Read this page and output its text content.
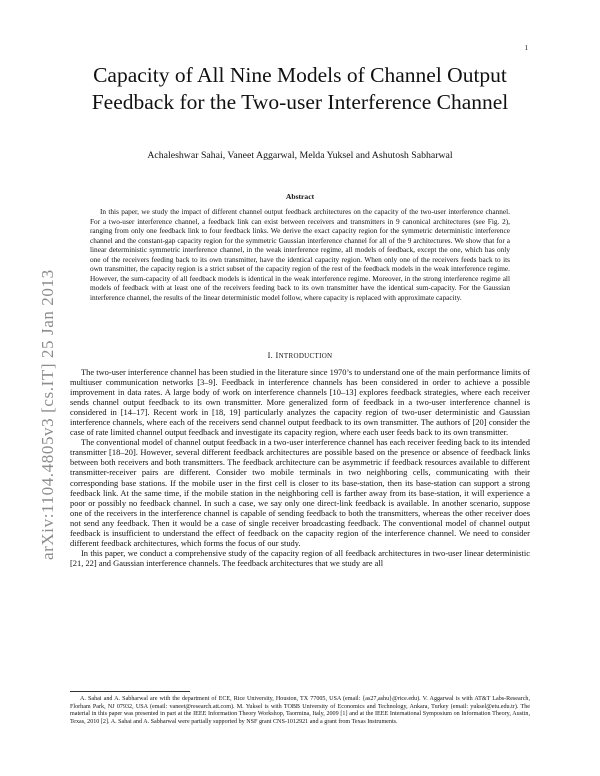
1
arXiv:1104.4805v3 [cs.IT] 25 Jan 2013
Capacity of All Nine Models of Channel Output Feedback for the Two-user Interference Channel
Achaleshwar Sahai, Vaneet Aggarwal, Melda Yuksel and Ashutosh Sabharwal
Abstract

In this paper, we study the impact of different channel output feedback architectures on the capacity of the two-user interference channel. For a two-user interference channel, a feedback link can exist between receivers and transmitters in 9 canonical architectures (see Fig. 2), ranging from only one feedback link to four feedback links. We derive the exact capacity region for the symmetric deterministic interference channel and the constant-gap capacity region for the symmetric Gaussian interference channel for all of the 9 architectures. We show that for a linear deterministic symmetric interference channel, in the weak interference regime, all models of feedback, except the one, which has only one of the receivers feeding back to its own transmitter, have the identical capacity region. When only one of the receivers feeds back to its own transmitter, the capacity region is a strict subset of the capacity region of the rest of the feedback models in the weak interference regime. However, the sum-capacity of all feedback models is identical in the weak interference regime. Moreover, in the strong interference regime all models of feedback with at least one of the receivers feeding back to its own transmitter have the identical sum-capacity. For the Gaussian interference channel, the results of the linear deterministic model follow, where capacity is replaced with approximate capacity.

I. INTRODUCTION

The two-user interference channel has been studied in the literature since 1970’s to understand one of the main performance limits of multiuser communication networks [3–9]. Feedback in interference channels has been considered in order to achieve a possible improvement in data rates. A large body of work on interference channels [10–13] explores feedback strategies, where each receiver sends channel output feedback to its own transmitter. More generalized form of feedback in a two-user interference channel is considered in [14–17]. Recent work in [18, 19] particularly analyzes the capacity region of two-user deterministic and Gaussian interference channels, where each of the receivers send channel output feedback to its own transmitter. The authors of [20] consider the case of rate limited channel output feedback and investigate its capacity region, where each user feeds back to its own transmitter.

The conventional model of channel output feedback in a two-user interference channel has each receiver feeding back to its intended transmitter [18–20]. However, several different feedback architectures are possible based on the presence or absence of feedback links between both receivers and both transmitters. The feedback architecture can be asymmetric if feedback resources available to different transmitter-receiver pairs are different. Consider two mobile terminals in two neighboring cells, communicating with their corresponding base stations. If the mobile user in the first cell is closer to its base-station, then its base-station can support a strong feedback link. At the same time, if the mobile station in the neighboring cell is farther away from its base-station, it will experience a poor or possibly no feedback channel. In such a case, we say only one direct-link feedback is available. In another scenario, suppose one of the receivers in the interference channel is capable of sending feedback to both the transmitters, whereas the other receiver does not send any feedback. Then it would be a case of single receiver broadcasting feedback. The conventional model of channel output feedback is insufficient to understand the effect of feedback on the capacity region of the interference channel. We need to consider different feedback architectures, which forms the focus of our study.

In this paper, we conduct a comprehensive study of the capacity region of all feedback architectures in two-user linear deterministic [21, 22] and Gaussian interference channels. The feedback architectures that we study are all

A. Sahai and A. Sabharwal are with the department of ECE, Rice University, Houston, TX 77005, USA (email: {as27,ashu}@rice.edu). V. Aggarwal is with AT&T Labs-Research, Florham Park, NJ 07932, USA (email: vaneet@research.att.com). M. Yuksel is with TOBB University of Economics and Technology, Ankara, Turkey (email: yuksel@etu.edu.tr). The material in this paper was presented in part at the IEEE Information Theory Workshop, Taormina, Italy, 2009 [1] and at the IEEE International Symposium on Information Theory, Austin, Texas, 2010 [2]. A. Sahai and A. Sabharwal were partially supported by NSF grant CNS-1012921 and a grant from Texas Instruments.
